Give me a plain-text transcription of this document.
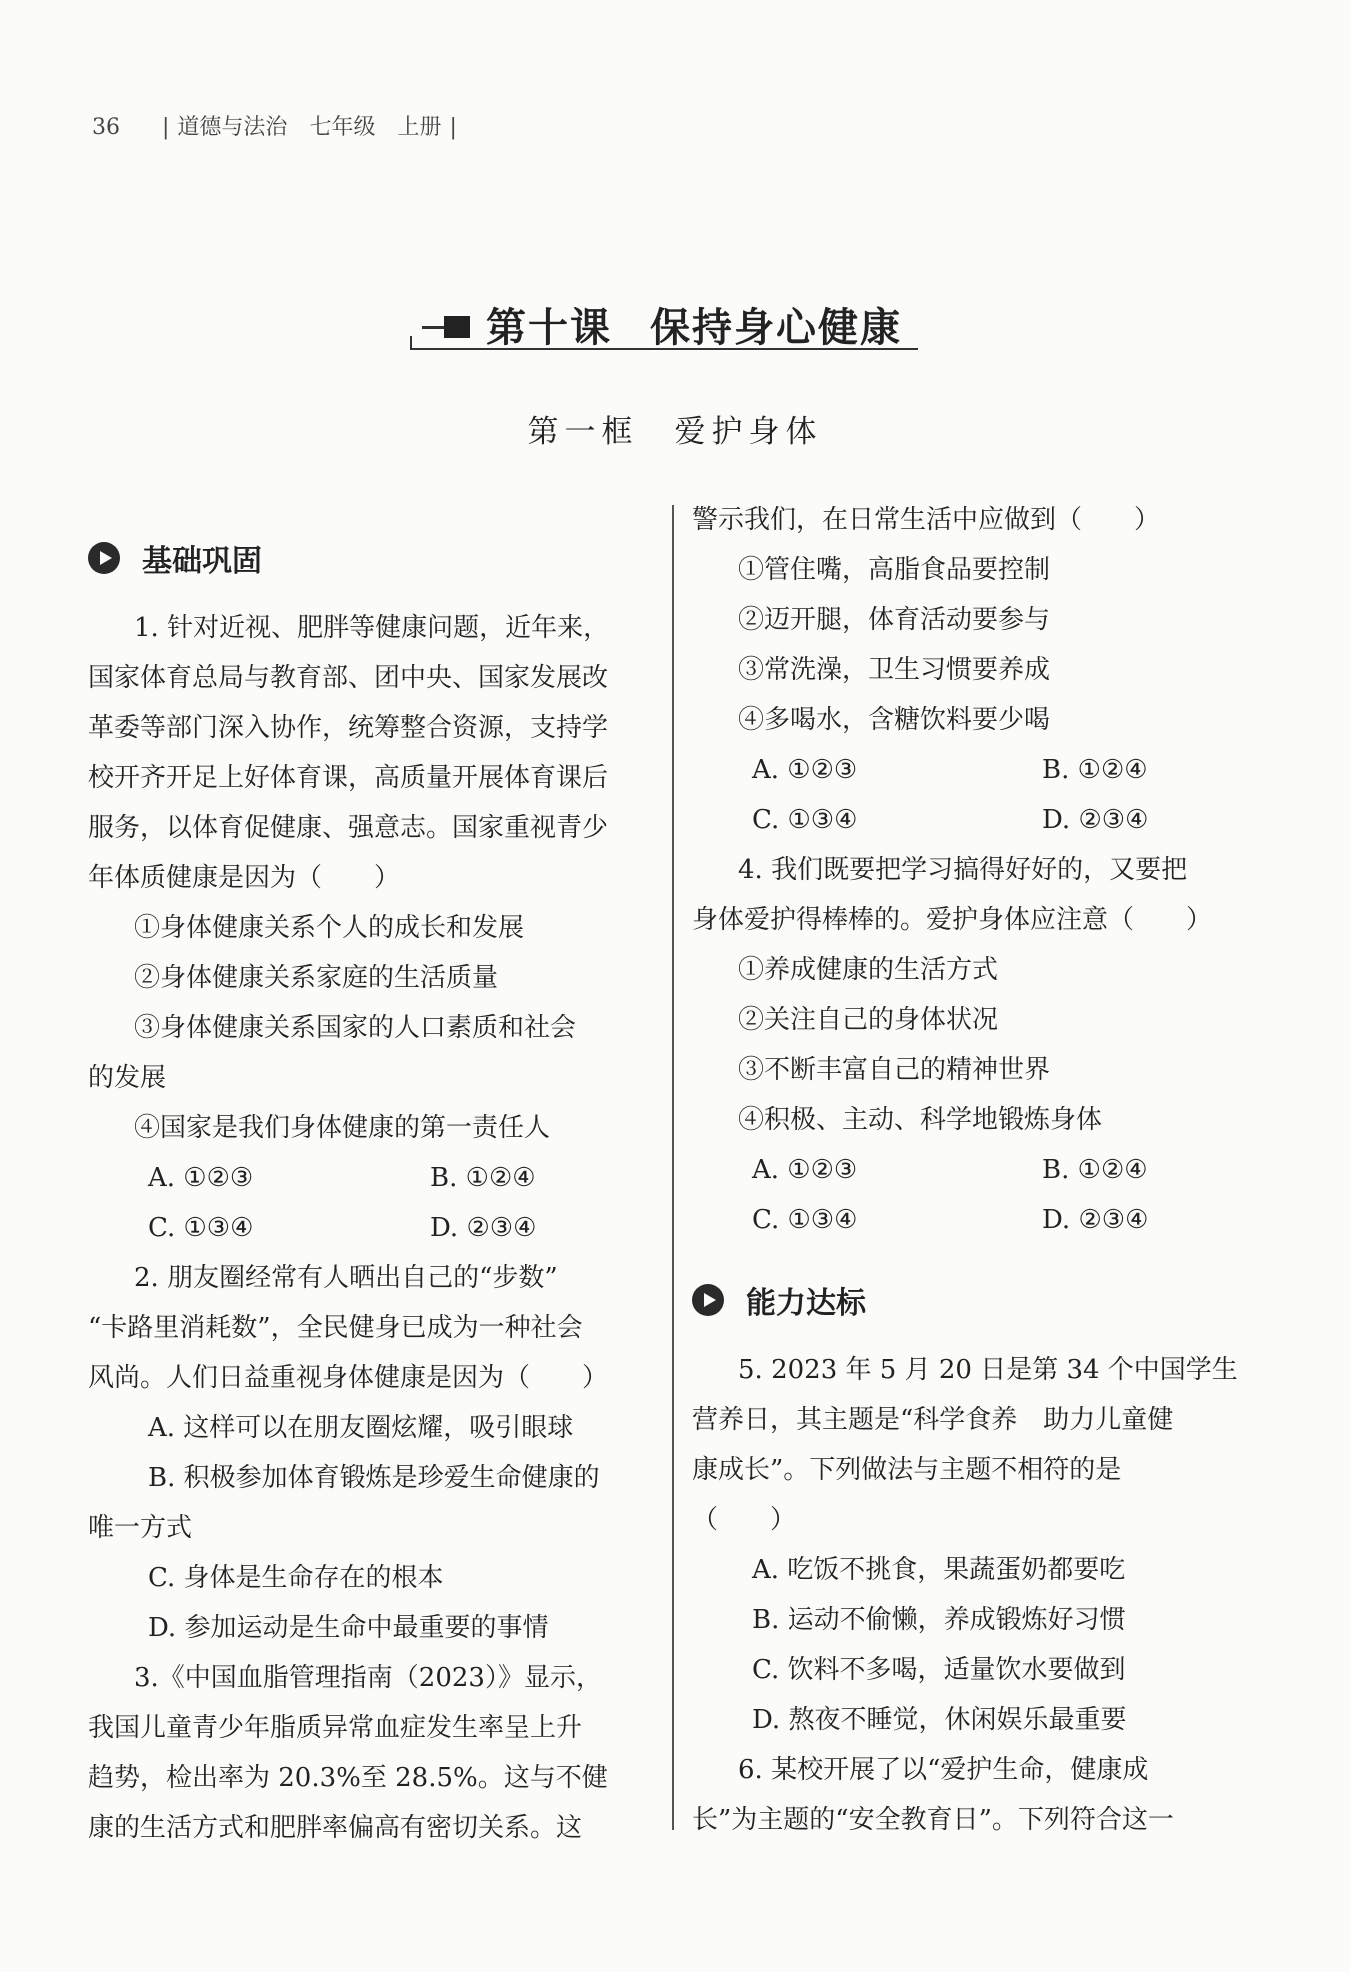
36 | 道德与法治 七年级 上册 |
第十课 保持身心健康
第一框 爱护身体
基础巩固
1. 针对近视、肥胖等健康问题，近年来，
国家体育总局与教育部、团中央、国家发展改
革委等部门深入协作，统筹整合资源，支持学
校开齐开足上好体育课，高质量开展体育课后
服务，以体育促健康、强意志。国家重视青少
年体质健康是因为（　　）
①身体健康关系个人的成长和发展
②身体健康关系家庭的生活质量
③身体健康关系国家的人口素质和社会
的发展
④国家是我们身体健康的第一责任人
A. ①②③	B. ①②④
C. ①③④	D. ②③④
2. 朋友圈经常有人晒出自己的“步数”
“卡路里消耗数”，全民健身已成为一种社会
风尚。人们日益重视身体健康是因为（　　）
A. 这样可以在朋友圈炫耀，吸引眼球
B. 积极参加体育锻炼是珍爱生命健康的
唯一方式
C. 身体是生命存在的根本
D. 参加运动是生命中最重要的事情
3.《中国血脂管理指南（2023）》显示，
我国儿童青少年脂质异常血症发生率呈上升
趋势，检出率为 20.3%至 28.5%。这与不健
康的生活方式和肥胖率偏高有密切关系。这
警示我们，在日常生活中应做到（　　）
①管住嘴，高脂食品要控制
②迈开腿，体育活动要参与
③常洗澡，卫生习惯要养成
④多喝水，含糖饮料要少喝
A. ①②③	B. ①②④
C. ①③④	D. ②③④
4. 我们既要把学习搞得好好的，又要把
身体爱护得棒棒的。爱护身体应注意（　　）
①养成健康的生活方式
②关注自己的身体状况
③不断丰富自己的精神世界
④积极、主动、科学地锻炼身体
A. ①②③	B. ①②④
C. ①③④	D. ②③④
能力达标
5. 2023 年 5 月 20 日是第 34 个中国学生
营养日，其主题是“科学食养　助力儿童健
康成长”。下列做法与主题不相符的是
（　　）
A. 吃饭不挑食，果蔬蛋奶都要吃
B. 运动不偷懒，养成锻炼好习惯
C. 饮料不多喝，适量饮水要做到
D. 熬夜不睡觉，休闲娱乐最重要
6. 某校开展了以“爱护生命，健康成
长”为主题的“安全教育日”。下列符合这一
